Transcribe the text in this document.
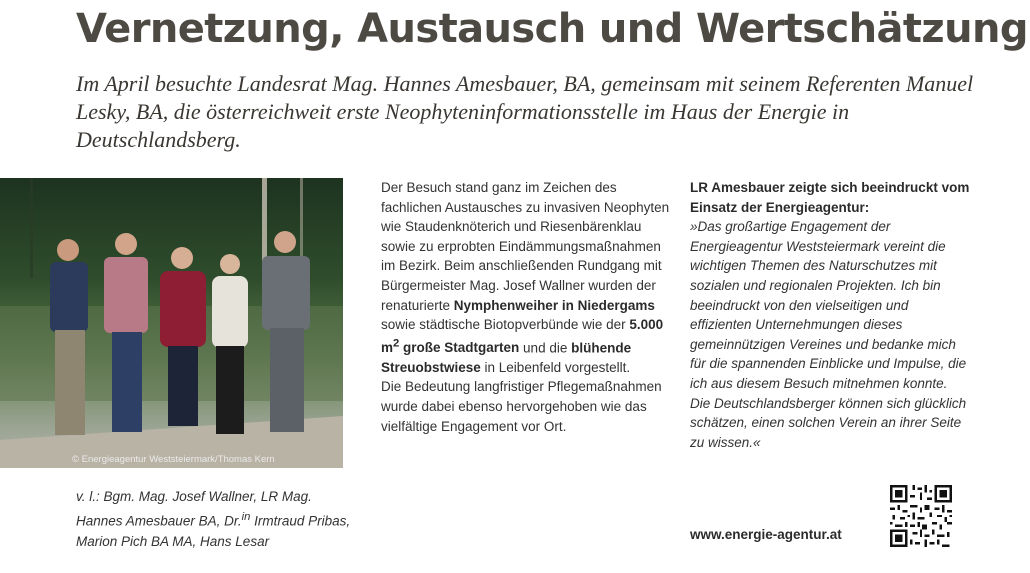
Vernetzung, Austausch und Wertschätzung

Im April besuchte Landesrat Mag. Hannes Amesbauer, BA, gemeinsam mit seinem Referenten Manuel Lesky, BA, die österreichweit erste Neophyteninformationsstelle im Haus der Energie in Deutschlandsberg.

© Energieagentur Weststeiermark/Thomas Kern

v. l.: Bgm. Mag. Josef Wallner, LR Mag. Hannes Amesbauer BA, Dr.$^{in}$ Irmtraud Pribas, Marion Pich BA MA, Hans Lesar

Der Besuch stand ganz im Zeichen des fachlichen Austausches zu invasiven Neophyten wie Staudenknöterich und Riesenbärenklau sowie zu erprobten Eindämmungsmaßnahmen im Bezirk. Beim anschließenden Rundgang mit Bürgermeister Mag. Josef Wallner wurden der renaturierte Nymphenweiher in Niedergams sowie städtische Biotopverbünde wie der 5.000 $m^2$ große Stadtgarten und die blühende Streuobstwiese in Leibenfeld vorgestellt.
Die Bedeutung langfristiger Pflegemaßnahmen wurde dabei ebenso hervorgehoben wie das vielfältige Engagement vor Ort.

LR Amesbauer zeigte sich beeindruckt vom Einsatz der Energieagentur:

»Das großartige Engagement der Energieagentur Weststeiermark vereint die wichtigen Themen des Naturschutzes mit sozialen und regionalen Projekten. Ich bin beeindruckt von den vielseitigen und effizienten Unternehmungen dieses gemeinnützigen Vereines und bedanke mich für die spannenden Einblicke und Impulse, die ich aus diesem Besuch mitnehmen konnte. Die Deutschlandsberger können sich glücklich schätzen, einen solchen Verein an ihrer Seite zu wissen.«

www.energie-agentur.at
